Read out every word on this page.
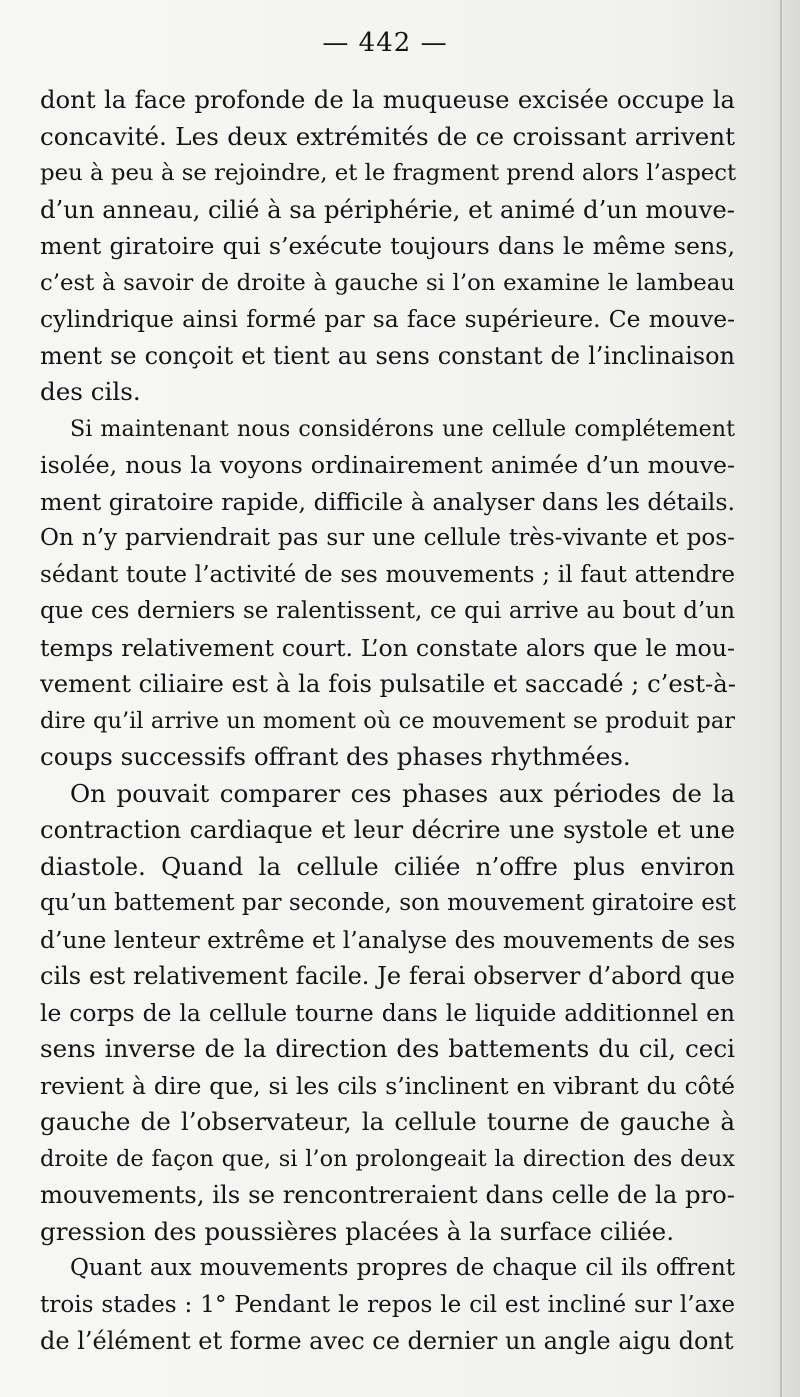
— 442 —
dont la face profonde de la muqueuse excisée occupe la
concavité. Les deux extrémités de ce croissant arrivent
peu à peu à se rejoindre, et le fragment prend alors l’aspect
d’un anneau, cilié à sa périphérie, et animé d’un mouve-
ment giratoire qui s’exécute toujours dans le même sens,
c’est à savoir de droite à gauche si l’on examine le lambeau
cylindrique ainsi formé par sa face supérieure. Ce mouve-
ment se conçoit et tient au sens constant de l’inclinaison
des cils.
Si maintenant nous considérons une cellule complétement
isolée, nous la voyons ordinairement animée d’un mouve-
ment giratoire rapide, difficile à analyser dans les détails.
On n’y parviendrait pas sur une cellule très-vivante et pos-
sédant toute l’activité de ses mouvements ; il faut attendre
que ces derniers se ralentissent, ce qui arrive au bout d’un
temps relativement court. L’on constate alors que le mou-
vement ciliaire est à la fois pulsatile et saccadé ; c’est-à-
dire qu’il arrive un moment où ce mouvement se produit par
coups successifs offrant des phases rhythmées.
On pouvait comparer ces phases aux périodes de la
contraction cardiaque et leur décrire une systole et une
diastole. Quand la cellule ciliée n’offre plus environ
qu’un battement par seconde, son mouvement giratoire est
d’une lenteur extrême et l’analyse des mouvements de ses
cils est relativement facile. Je ferai observer d’abord que
le corps de la cellule tourne dans le liquide additionnel en
sens inverse de la direction des battements du cil, ceci
revient à dire que, si les cils s’inclinent en vibrant du côté
gauche de l’observateur, la cellule tourne de gauche à
droite de façon que, si l’on prolongeait la direction des deux
mouvements, ils se rencontreraient dans celle de la pro-
gression des poussières placées à la surface ciliée.
Quant aux mouvements propres de chaque cil ils offrent
trois stades : 1° Pendant le repos le cil est incliné sur l’axe
de l’élément et forme avec ce dernier un angle aigu dont
